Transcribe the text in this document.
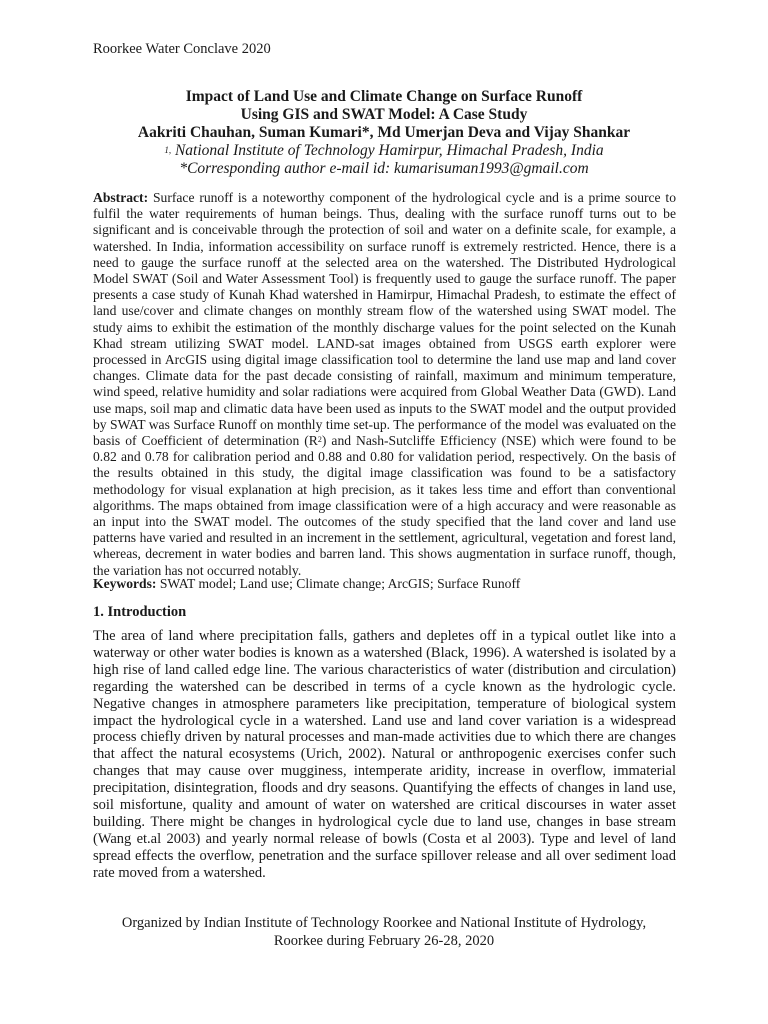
Roorkee Water Conclave 2020
Impact of Land Use and Climate Change on Surface Runoff
Using GIS and SWAT Model: A Case Study
Aakriti Chauhan, Suman Kumari*, Md Umerjan Deva and Vijay Shankar
$^{1,}$ National Institute of Technology Hamirpur, Himachal Pradesh, India
*Corresponding author e-mail id: kumarisuman1993@gmail.com
Abstract: Surface runoff is a noteworthy component of the hydrological cycle and is a prime source to fulfil the water requirements of human beings. Thus, dealing with the surface runoff turns out to be significant and is conceivable through the protection of soil and water on a definite scale, for example, a watershed. In India, information accessibility on surface runoff is extremely restricted. Hence, there is a need to gauge the surface runoff at the selected area on the watershed. The Distributed Hydrological Model SWAT (Soil and Water Assessment Tool) is frequently used to gauge the surface runoff. The paper presents a case study of Kunah Khad watershed in Hamirpur, Himachal Pradesh, to estimate the effect of land use/cover and climate changes on monthly stream flow of the watershed using SWAT model. The study aims to exhibit the estimation of the monthly discharge values for the point selected on the Kunah Khad stream utilizing SWAT model. LAND-sat images obtained from USGS earth explorer were processed in ArcGIS using digital image classification tool to determine the land use map and land cover changes. Climate data for the past decade consisting of rainfall, maximum and minimum temperature, wind speed, relative humidity and solar radiations were acquired from Global Weather Data (GWD). Land use maps, soil map and climatic data have been used as inputs to the SWAT model and the output provided by SWAT was Surface Runoff on monthly time set-up. The performance of the model was evaluated on the basis of Coefficient of determination $(R^2)$ and Nash-Sutcliffe Efficiency (NSE) which were found to be 0.82 and 0.78 for calibration period and 0.88 and 0.80 for validation period, respectively. On the basis of the results obtained in this study, the digital image classification was found to be a satisfactory methodology for visual explanation at high precision, as it takes less time and effort than conventional algorithms. The maps obtained from image classification were of a high accuracy and were reasonable as an input into the SWAT model. The outcomes of the study specified that the land cover and land use patterns have varied and resulted in an increment in the settlement, agricultural, vegetation and forest land, whereas, decrement in water bodies and barren land. This shows augmentation in surface runoff, though, the variation has not occurred notably.
Keywords: SWAT model; Land use; Climate change; ArcGIS; Surface Runoff
1. Introduction
The area of land where precipitation falls, gathers and depletes off in a typical outlet like into a waterway or other water bodies is known as a watershed (Black, 1996). A watershed is isolated by a high rise of land called edge line. The various characteristics of water (distribution and circulation) regarding the watershed can be described in terms of a cycle known as the hydrologic cycle. Negative changes in atmosphere parameters like precipitation, temperature of biological system impact the hydrological cycle in a watershed. Land use and land cover variation is a widespread process chiefly driven by natural processes and man-made activities due to which there are changes that affect the natural ecosystems (Urich, 2002). Natural or anthropogenic exercises confer such changes that may cause over mugginess, intemperate aridity, increase in overflow, immaterial precipitation, disintegration, floods and dry seasons. Quantifying the effects of changes in land use, soil misfortune, quality and amount of water on watershed are critical discourses in water asset building. There might be changes in hydrological cycle due to land use, changes in base stream (Wang et.al 2003) and yearly normal release of bowls (Costa et al 2003). Type and level of land spread effects the overflow, penetration and the surface spillover release and all over sediment load rate moved from a watershed.
Organized by Indian Institute of Technology Roorkee and National Institute of Hydrology,
Roorkee during February 26-28, 2020
